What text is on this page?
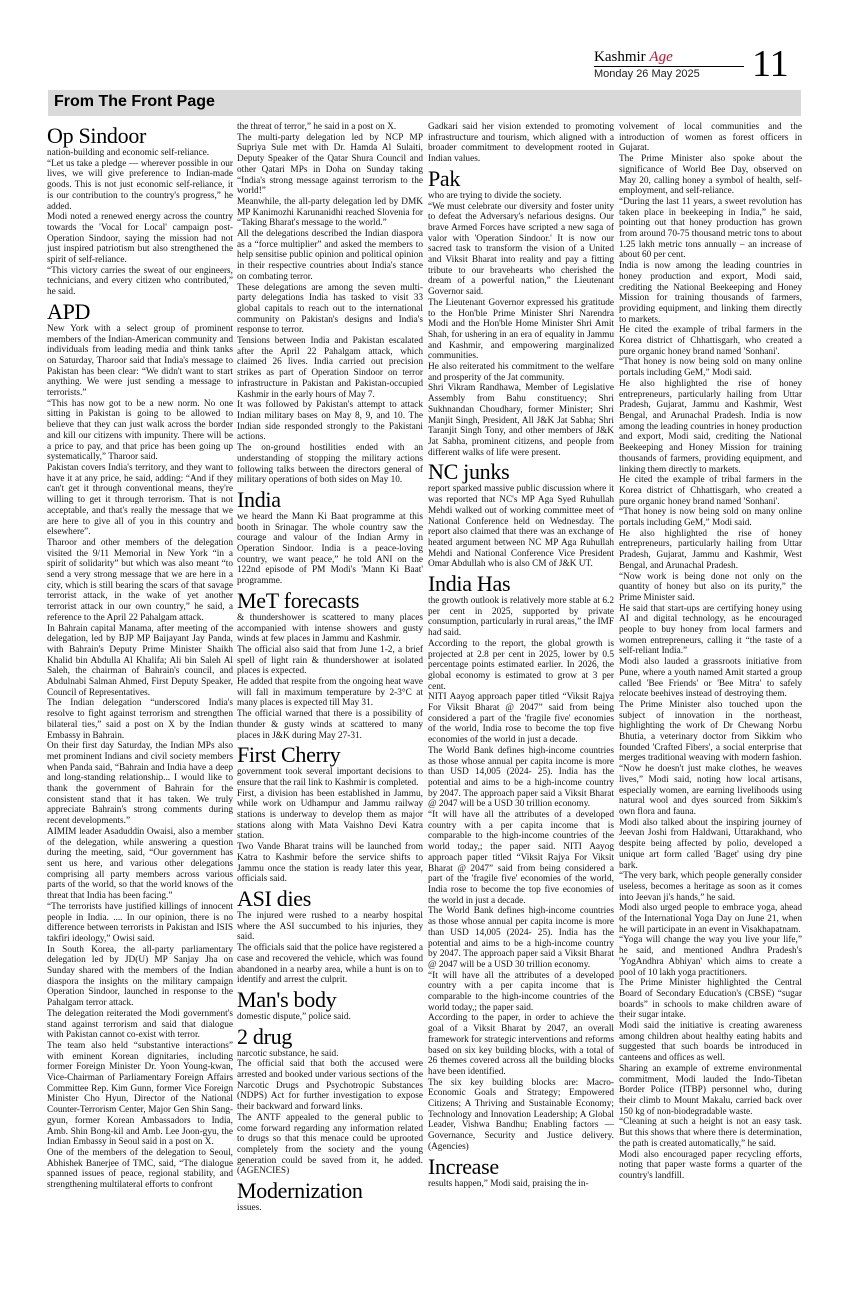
Kashmir Age
Monday 26 May 2025 11
From The Front Page
Op Sindoor

nation-building and economic self-reliance.

“Let us take a pledge — wherever possible in our lives, we will give preference to Indian-made goods. This is not just economic self-reliance, it is our contribution to the country's progress,” he added.

Modi noted a renewed energy across the country towards the 'Vocal for Local' campaign post-Operation Sindoor, saying the mission had not just inspired patriotism but also strengthened the spirit of self-reliance.

“This victory carries the sweat of our engineers, technicians, and every citizen who contributed,” he said.

APD

New York with a select group of prominent members of the Indian-American community and individuals from leading media and think tanks on Saturday, Tharoor said that India's message to Pakistan has been clear: “We didn't want to start anything. We were just sending a message to terrorists.”

“This has now got to be a new norm. No one sitting in Pakistan is going to be allowed to believe that they can just walk across the border and kill our citizens with impunity. There will be a price to pay, and that price has been going up systematically,” Tharoor said.

Pakistan covers India's territory, and they want to have it at any price, he said, adding: “And if they can't get it through conventional means, they're willing to get it through terrorism. That is not acceptable, and that's really the message that we are here to give all of you in this country and elsewhere”.

Tharoor and other members of the delegation visited the 9/11 Memorial in New York “in a spirit of solidarity” but which was also meant “to send a very strong message that we are here in a city, which is still bearing the scars of that savage terrorist attack, in the wake of yet another terrorist attack in our own country,” he said, a reference to the April 22 Pahalgam attack.

In Bahrain capital Manama, after meeting of the delegation, led by BJP MP Baijayant Jay Panda, with Bahrain's Deputy Prime Minister Shaikh Khalid bin Abdulla Al Khalifa; Ali bin Saleh Al Saleh, the chairman of Bahrain's council, and Abdulnabi Salman Ahmed, First Deputy Speaker, Council of Representatives.

The Indian delegation “underscored India's resolve to fight against terrorism and strengthen bilateral ties,” said a post on X by the Indian Embassy in Bahrain.

On their first day Saturday, the Indian MPs also met prominent Indians and civil society members when Panda said, “Bahrain and India have a deep and long-standing relationship... I would like to thank the government of Bahrain for the consistent stand that it has taken. We truly appreciate Bahrain's strong comments during recent developments.”

AIMIM leader Asaduddin Owaisi, also a member of the delegation, while answering a question during the meeting, said, “Our government has sent us here, and various other delegations comprising all party members across various parts of the world, so that the world knows of the threat that India has been facing.”

“The terrorists have justified killings of innocent people in India. .... In our opinion, there is no difference between terrorists in Pakistan and ISIS takfiri ideology,” Owisi said.

In South Korea, the all-party parliamentary delegation led by JD(U) MP Sanjay Jha on Sunday shared with the members of the Indian diaspora the insights on the military campaign Operation Sindoor, launched in response to the Pahalgam terror attack.

The delegation reiterated the Modi government's stand against terrorism and said that dialogue with Pakistan cannot co-exist with terror.

The team also held “substantive interactions” with eminent Korean dignitaries, including former Foreign Minister Dr. Yoon Young-kwan, Vice-Chairman of Parliamentary Foreign Affairs Committee Rep. Kim Gunn, former Vice Foreign Minister Cho Hyun, Director of the National Counter-Terrorism Center, Major Gen Shin Sang-gyun, former Korean Ambassadors to India, Amb. Shin Bong-kil and Amb. Lee Joon-gyu, the Indian Embassy in Seoul said in a post on X.

One of the members of the delegation to Seoul, Abhishek Banerjee of TMC, said, “The dialogue spanned issues of peace, regional stability, and strengthening multilateral efforts to confront

the threat of terror,” he said in a post on X.

The multi-party delegation led by NCP MP Supriya Sule met with Dr. Hamda Al Sulaiti, Deputy Speaker of the Qatar Shura Council and other Qatari MPs in Doha on Sunday taking “India's strong message against terrorism to the world!”

Meanwhile, the all-party delegation led by DMK MP Kanimozhi Karunanidhi reached Slovenia for “Taking Bharat's message to the world.”

All the delegations described the Indian diaspora as a “force multiplier” and asked the members to help sensitise public opinion and political opinion in their respective countries about India's stance on combating terror.

These delegations are among the seven multi-party delegations India has tasked to visit 33 global capitals to reach out to the international community on Pakistan's designs and India's response to terror.

Tensions between India and Pakistan escalated after the April 22 Pahalgam attack, which claimed 26 lives. India carried out precision strikes as part of Operation Sindoor on terror infrastructure in Pakistan and Pakistan-occupied Kashmir in the early hours of May 7.

It was followed by Pakistan's attempt to attack Indian military bases on May 8, 9, and 10. The Indian side responded strongly to the Pakistani actions.

The on-ground hostilities ended with an understanding of stopping the military actions following talks between the directors general of military operations of both sides on May 10.

India

we heard the Mann Ki Baat programme at this booth in Srinagar. The whole country saw the courage and valour of the Indian Army in Operation Sindoor. India is a peace-loving country, we want peace,” he told ANI on the 122nd episode of PM Modi's 'Mann Ki Baat' programme.

MeT forecasts

& thundershower is scattered to many places accompanied with intense showers and gusty winds at few places in Jammu and Kashmir.

The official also said that from June 1-2, a brief spell of light rain & thundershower at isolated places is expected.

He added that respite from the ongoing heat wave will fall in maximum temperature by 2-3°C at many places is expected till May 31.

The official warned that there is a possibility of thunder & gusty winds at scattered to many places in J&K during May 27-31.

First Cherry

government took several important decisions to ensure that the rail link to Kashmir is completed.

First, a division has been established in Jammu, while work on Udhampur and Jammu railway stations is underway to develop them as major stations along with Mata Vaishno Devi Katra station.

Two Vande Bharat trains will be launched from Katra to Kashmir before the service shifts to Jammu once the station is ready later this year, officials said.

ASI dies

The injured were rushed to a nearby hospital where the ASI succumbed to his injuries, they said.

The officials said that the police have registered a case and recovered the vehicle, which was found abandoned in a nearby area, while a hunt is on to identify and arrest the culprit.

Man's body

domestic dispute,” police said.

2 drug

narcotic substance, he said.

The official said that both the accused were arrested and booked under various sections of the Narcotic Drugs and Psychotropic Substances (NDPS) Act for further investigation to expose their backward and forward links.

The ANTF appealed to the general public to come forward regarding any information related to drugs so that this menace could be uprooted completely from the society and the young generation could be saved from it, he added. (AGENCIES)

Modernization

issues.

Gadkari said her vision extended to promoting infrastructure and tourism, which aligned with a broader commitment to development rooted in Indian values.

Pak

who are trying to divide the society.

“We must celebrate our diversity and foster unity to defeat the Adversary's nefarious designs. Our brave Armed Forces have scripted a new saga of valor with 'Operation Sindoor.' It is now our sacred task to transform the vision of a United and Viksit Bharat into reality and pay a fitting tribute to our bravehearts who cherished the dream of a powerful nation,” the Lieutenant Governor said.

The Lieutenant Governor expressed his gratitude to the Hon'ble Prime Minister Shri Narendra Modi and the Hon'ble Home Minister Shri Amit Shah, for ushering in an era of equality in Jammu and Kashmir, and empowering marginalized communities.

He also reiterated his commitment to the welfare and prosperity of the Jat community.

Shri Vikram Randhawa, Member of Legislative Assembly from Bahu constituency; Shri Sukhnandan Choudhary, former Minister; Shri Manjit Singh, President, All J&K Jat Sabha; Shri Taranjit Singh Tony, and other members of J&K Jat Sabha, prominent citizens, and people from different walks of life were present.

NC junks

report sparked massive public discussion where it was reported that NC's MP Aga Syed Ruhullah Mehdi walked out of working committee meet of National Conference held on Wednesday. The report also claimed that there was an exchange of heated argument between NC MP Aga Ruhullah Mehdi and National Conference Vice President Omar Abdullah who is also CM of J&K UT.

India Has

the growth outlook is relatively more stable at 6.2 per cent in 2025, supported by private consumption, particularly in rural areas,” the IMF had said.

According to the report, the global growth is projected at 2.8 per cent in 2025, lower by 0.5 percentage points estimated earlier. In 2026, the global economy is estimated to grow at 3 per cent.

NITI Aayog approach paper titled “Viksit Rajya For Viksit Bharat @ 2047” said from being considered a part of the 'fragile five' economies of the world, India rose to become the top five economies of the world in just a decade.

The World Bank defines high-income countries as those whose annual per capita income is more than USD 14,005 (2024- 25). India has the potential and aims to be a high-income country by 2047. The approach paper said a Viksit Bharat @ 2047 will be a USD 30 trillion economy.

“It will have all the attributes of a developed country with a per capita income that is comparable to the high-income countries of the world today,; the paper said. NITI Aayog approach paper titled “Viksit Rajya For Viksit Bharat @ 2047” said from being considered a part of the 'fragile five' economies of the world, India rose to become the top five economies of the world in just a decade.

The World Bank defines high-income countries as those whose annual per capita income is more than USD 14,005 (2024- 25). India has the potential and aims to be a high-income country by 2047. The approach paper said a Viksit Bharat @ 2047 will be a USD 30 trillion economy.

“It will have all the attributes of a developed country with a per capita income that is comparable to the high-income countries of the world today,; the paper said.

According to the paper, in order to achieve the goal of a Viksit Bharat by 2047, an overall framework for strategic interventions and reforms based on six key building blocks, with a total of 26 themes covered across all the building blocks have been identified.

The six key building blocks are: Macro-Economic Goals and Strategy; Empowered Citizens; A Thriving and Sustainable Economy; Technology and Innovation Leadership; A Global Leader, Vishwa Bandhu; Enabling factors — Governance, Security and Justice delivery. (Agencies)

Increase

results happen,” Modi said, praising the in-

volvement of local communities and the introduction of women as forest officers in Gujarat.

The Prime Minister also spoke about the significance of World Bee Day, observed on May 20, calling honey a symbol of health, self-employment, and self-reliance.

“During the last 11 years, a sweet revolution has taken place in beekeeping in India,” he said, pointing out that honey production has grown from around 70-75 thousand metric tons to about 1.25 lakh metric tons annually – an increase of about 60 per cent.

India is now among the leading countries in honey production and export, Modi said, crediting the National Beekeeping and Honey Mission for training thousands of farmers, providing equipment, and linking them directly to markets.

He cited the example of tribal farmers in the Korea district of Chhattisgarh, who created a pure organic honey brand named 'Sonhani'.

“That honey is now being sold on many online portals including GeM,” Modi said.

He also highlighted the rise of honey entrepreneurs, particularly hailing from Uttar Pradesh, Gujarat, Jammu and Kashmir, West Bengal, and Arunachal Pradesh. India is now among the leading countries in honey production and export, Modi said, crediting the National Beekeeping and Honey Mission for training thousands of farmers, providing equipment, and linking them directly to markets.

He cited the example of tribal farmers in the Korea district of Chhattisgarh, who created a pure organic honey brand named 'Sonhani'.

“That honey is now being sold on many online portals including GeM,” Modi said.

He also highlighted the rise of honey entrepreneurs, particularly hailing from Uttar Pradesh, Gujarat, Jammu and Kashmir, West Bengal, and Arunachal Pradesh.

“Now work is being done not only on the quantity of honey but also on its purity,” the Prime Minister said.

He said that start-ups are certifying honey using AI and digital technology, as he encouraged people to buy honey from local farmers and women entrepreneurs, calling it “the taste of a self-reliant India.”

Modi also lauded a grassroots initiative from Pune, where a youth named Amit started a group called 'Bee Friends' or 'Bee Mitra' to safely relocate beehives instead of destroying them.

The Prime Minister also touched upon the subject of innovation in the northeast, highlighting the work of Dr Chewang Norbu Bhutia, a veterinary doctor from Sikkim who founded 'Crafted Fibers', a social enterprise that merges traditional weaving with modern fashion.

“Now he doesn't just make clothes, he weaves lives,” Modi said, noting how local artisans, especially women, are earning livelihoods using natural wool and dyes sourced from Sikkim's own flora and fauna.

Modi also talked about the inspiring journey of Jeevan Joshi from Haldwani, Uttarakhand, who despite being affected by polio, developed a unique art form called 'Baget' using dry pine bark.

“The very bark, which people generally consider useless, becomes a heritage as soon as it comes into Jeevan ji's hands,” he said.

Modi also urged people to embrace yoga, ahead of the International Yoga Day on June 21, when he will participate in an event in Visakhapatnam.

“Yoga will change the way you live your life,” he said, and mentioned Andhra Pradesh's 'YogAndhra Abhiyan' which aims to create a pool of 10 lakh yoga practitioners.

The Prime Minister highlighted the Central Board of Secondary Education's (CBSE) “sugar boards” in schools to make children aware of their sugar intake.

Modi said the initiative is creating awareness among children about healthy eating habits and suggested that such boards be introduced in canteens and offices as well.

Sharing an example of extreme environmental commitment, Modi lauded the Indo-Tibetan Border Police (ITBP) personnel who, during their climb to Mount Makalu, carried back over 150 kg of non-biodegradable waste.

“Cleaning at such a height is not an easy task. But this shows that where there is determination, the path is created automatically,” he said.

Modi also encouraged paper recycling efforts, noting that paper waste forms a quarter of the country's landfill.
